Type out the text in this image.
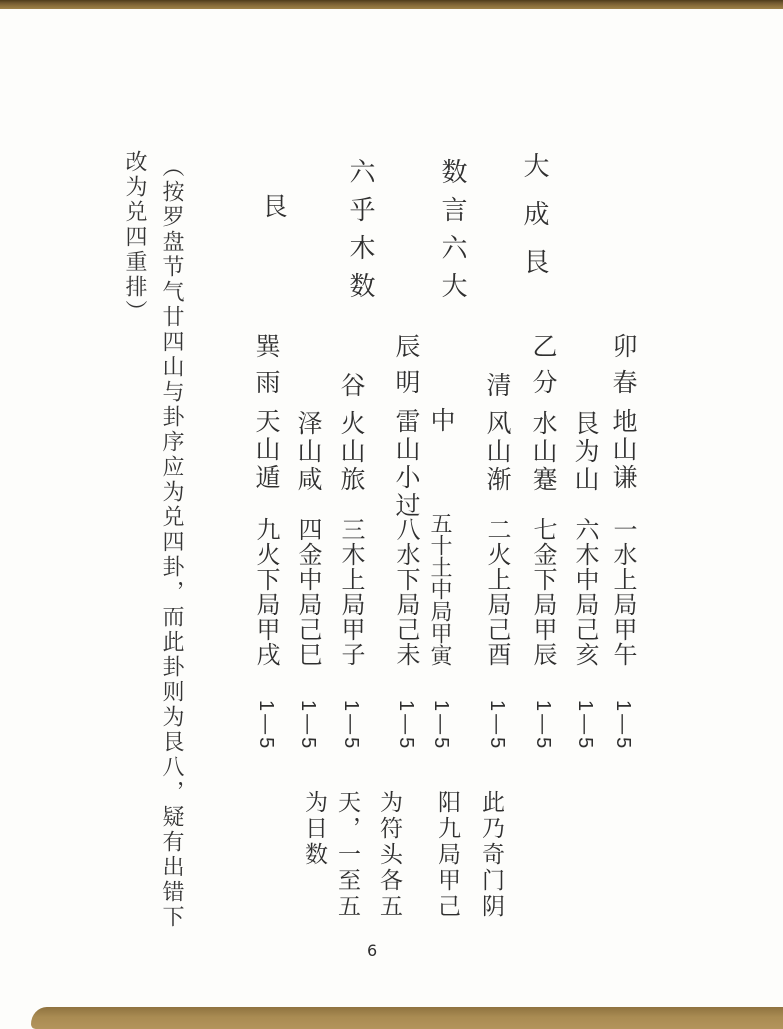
大成艮
数言六大
六乎木数
艮
卯
春
地山谦
一水上局甲午
1—5
艮为山
六木中局己亥
1—5
乙
分
水山蹇
七金下局甲辰
1—5
清
风山渐
二火上局己酉
1—5
中
五十土中局甲寅
1—5
辰
明
雷山小过
八水下局己未
1—5
谷
火山旅
三木上局甲子
1—5
泽山咸
四金中局己巳
1—5
巽
雨
天山遁
九火下局甲戌
1—5
此乃奇门阴
阳九局甲己
为符头各五
天，一至五
为日数
（按罗盘节气廿四山与卦序应为兑四卦，而此卦则为艮八，疑有出错下
改为兑四重排）
6
